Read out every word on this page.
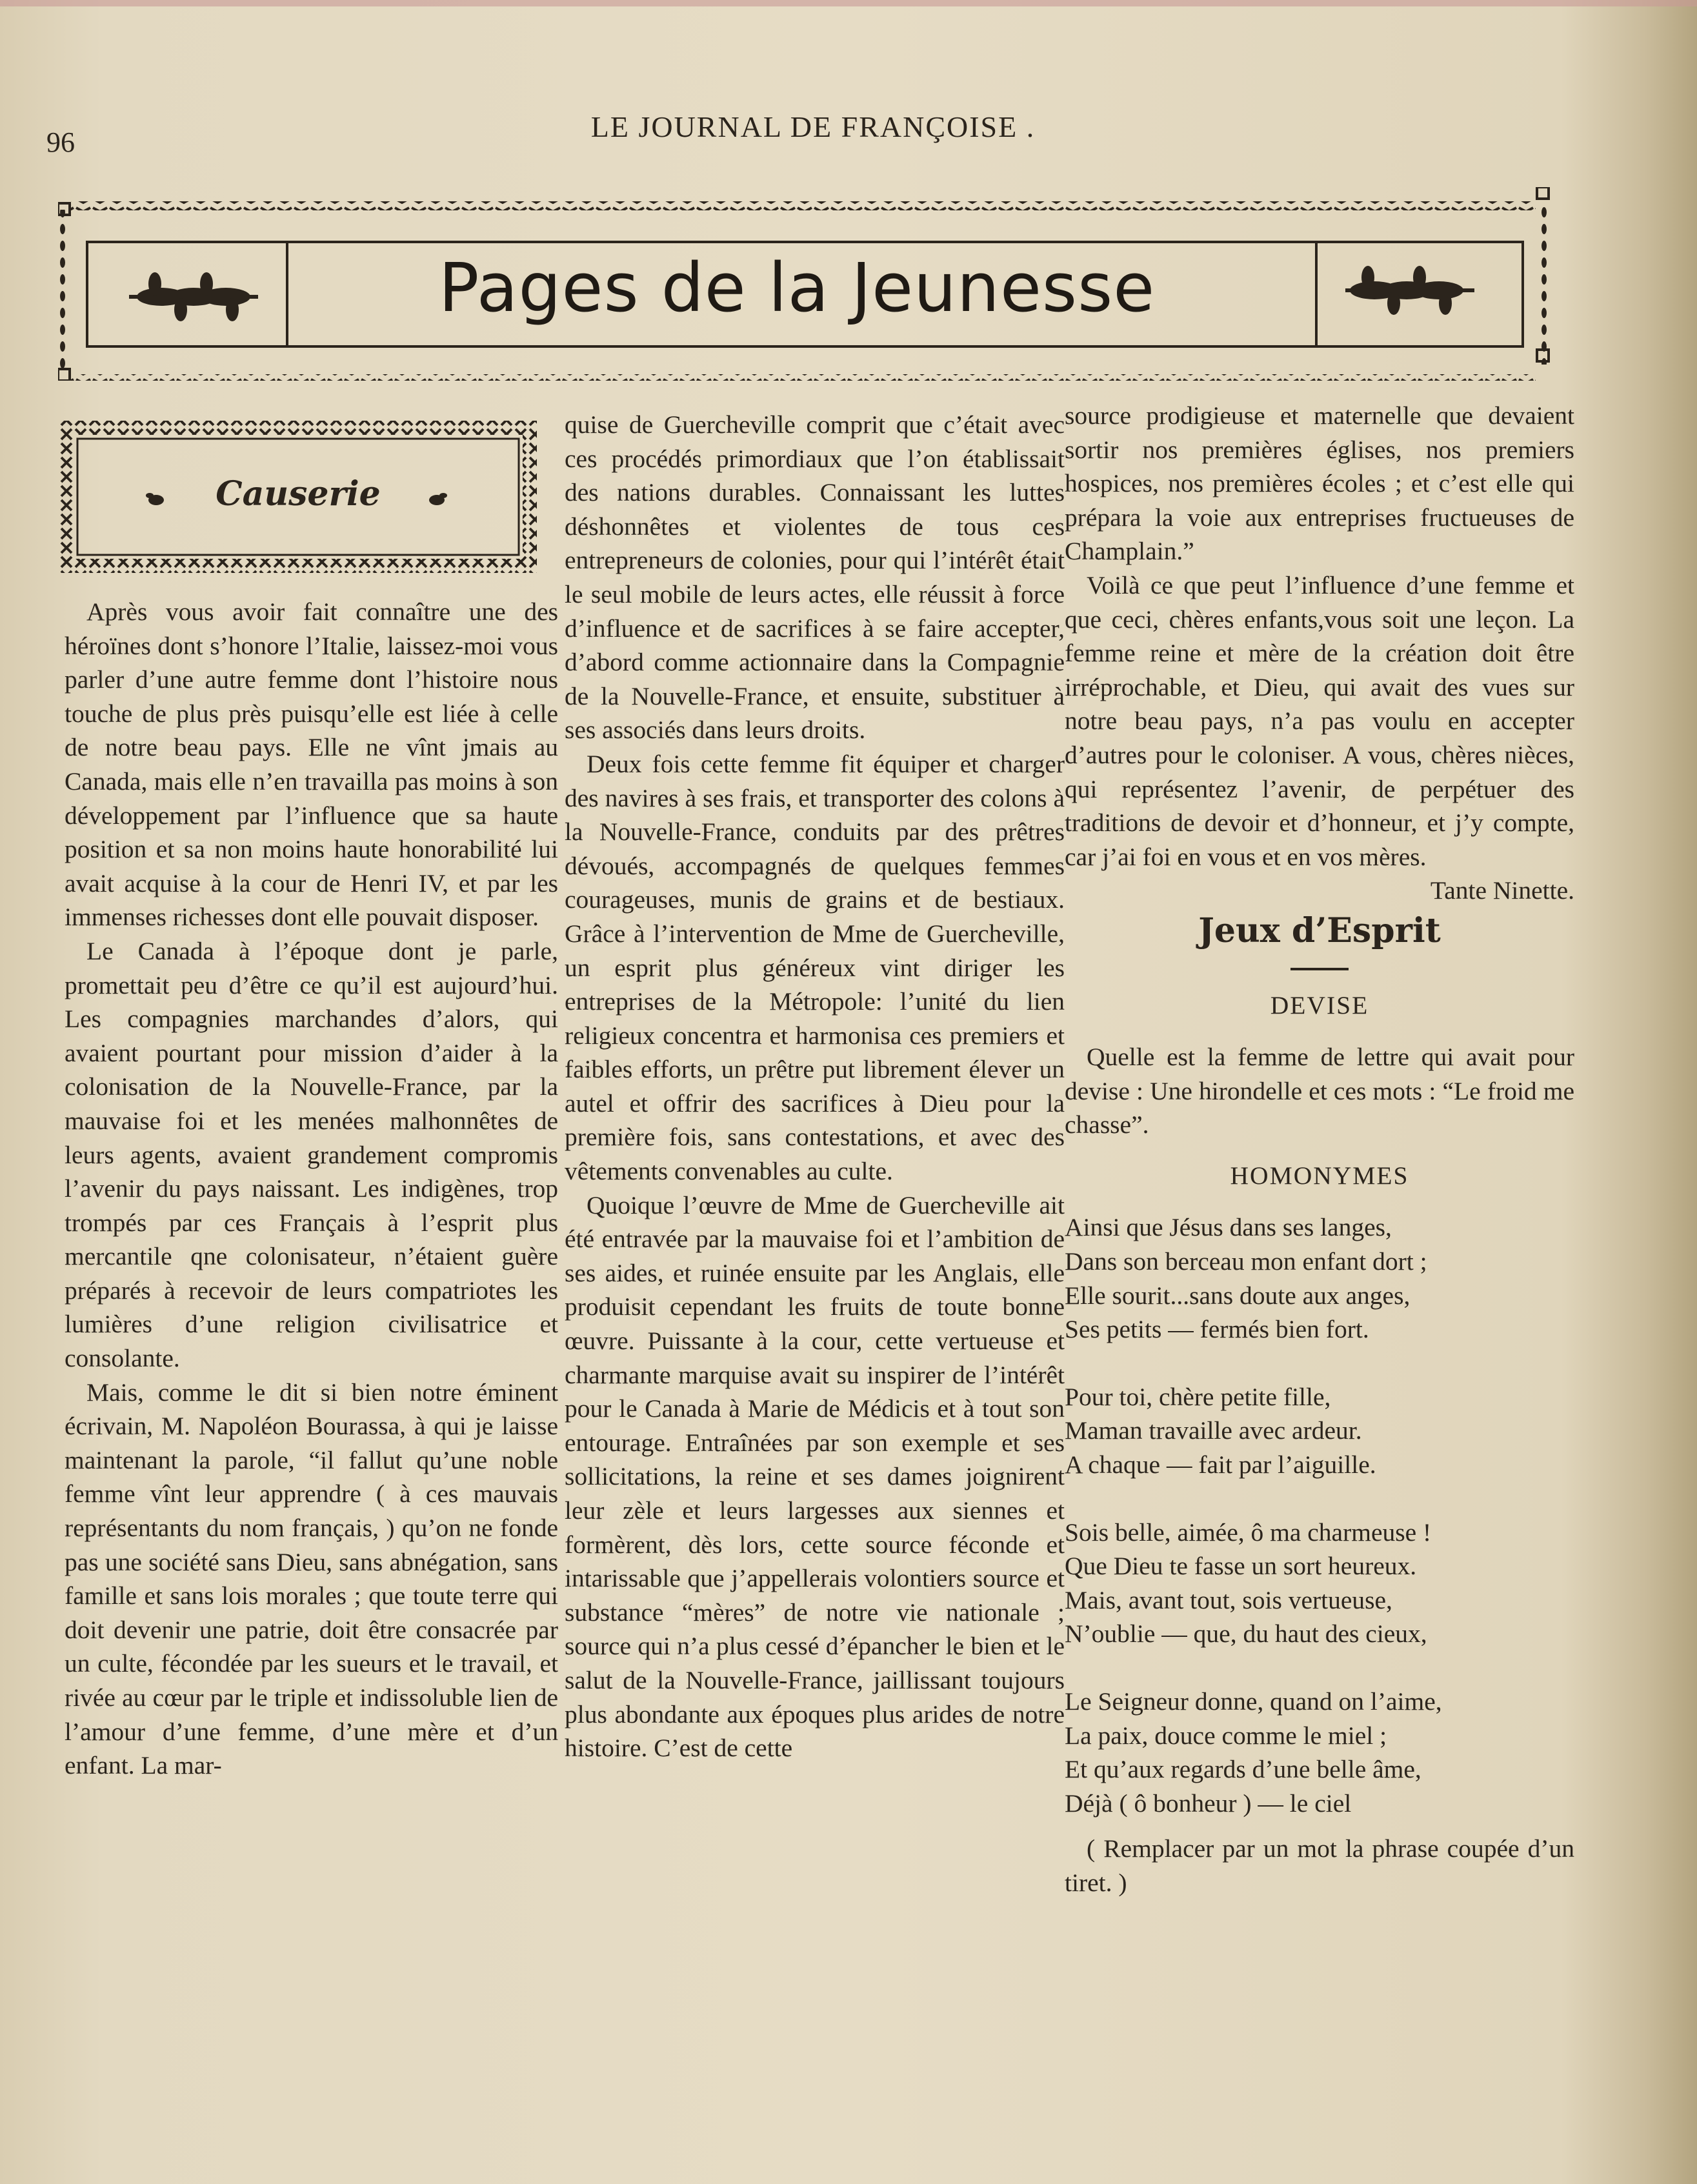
96	LE JOURNAL DE FRANÇOISE .
Pages de la Jeunesse
Causerie

Après vous avoir fait connaître une des héroïnes dont s’honore l’Italie, laissez-moi vous parler d’une autre femme dont l’histoire nous touche de plus près puisqu’elle est liée à celle de notre beau pays. Elle ne vînt jmais au Canada, mais elle n’en travailla pas moins à son développement par l’influence que sa haute position et sa non moins haute honorabilité lui avait acquise à la cour de Henri IV, et par les immenses richesses dont elle pouvait disposer.

Le Canada à l’époque dont je parle, promettait peu d’être ce qu’il est aujourd’hui. Les compagnies marchandes d’alors, qui avaient pourtant pour mission d’aider à la colonisation de la Nouvelle-France, par la mauvaise foi et les menées malhonnêtes de leurs agents, avaient grandement compromis l’avenir du pays naissant. Les indigènes, trop trompés par ces Français à l’esprit plus mercantile qne colonisateur, n’étaient guère préparés à recevoir de leurs compatriotes les lumières d’une religion civilisatrice et consolante.

Mais, comme le dit si bien notre éminent écrivain, M. Napoléon Bourassa, à qui je laisse maintenant la parole, “il fallut qu’une noble femme vînt leur apprendre ( à ces mauvais représentants du nom français, ) qu’on ne fonde pas une société sans Dieu, sans abnégation, sans famille et sans lois morales ; que toute terre qui doit devenir une patrie, doit être consacrée par un culte, fécondée par les sueurs et le travail, et rivée au cœur par le triple et indissoluble lien de l’amour d’une femme, d’une mère et d’un enfant. La mar-

quise de Guercheville comprit que c’était avec ces procédés primordiaux que l’on établissait des nations durables. Connaissant les luttes déshonnêtes et violentes de tous ces entrepreneurs de colonies, pour qui l’intérêt était le seul mobile de leurs actes, elle réussit à force d’influence et de sacrifices à se faire accepter, d’abord comme actionnaire dans la Compagnie de la Nouvelle-France, et ensuite, substituer à ses associés dans leurs droits.

Deux fois cette femme fit équiper et charger des navires à ses frais, et transporter des colons à la Nouvelle-France, conduits par des prêtres dévoués, accompagnés de quelques femmes courageuses, munis de grains et de bestiaux. Grâce à l’intervention de Mme de Guercheville, un esprit plus généreux vint diriger les entreprises de la Métropole: l’unité du lien religieux concentra et harmonisa ces premiers et faibles efforts, un prêtre put librement élever un autel et offrir des sacrifices à Dieu pour la première fois, sans contestations, et avec des vêtements convenables au culte.

Quoique l’œuvre de Mme de Guercheville ait été entravée par la mauvaise foi et l’ambition de ses aides, et ruinée ensuite par les Anglais, elle produisit cependant les fruits de toute bonne œuvre. Puissante à la cour, cette vertueuse et charmante marquise avait su inspirer de l’intérêt pour le Canada à Marie de Médicis et à tout son entourage. Entraînées par son exemple et ses sollicitations, la reine et ses dames joignirent leur zèle et leurs largesses aux siennes et formèrent, dès lors, cette source féconde et intarissable que j’appellerais volontiers source et substance “mères” de notre vie nationale ; source qui n’a plus cessé d’épancher le bien et le salut de la Nouvelle-France, jaillissant toujours plus abondante aux époques plus arides de notre histoire. C’est de cette

source prodigieuse et maternelle que devaient sortir nos premières églises, nos premiers hospices, nos premières écoles ; et c’est elle qui prépara la voie aux entreprises fructueuses de Champlain.”

Voilà ce que peut l’influence d’une femme et que ceci, chères enfants,vous soit une leçon. La femme reine et mère de la création doit être irréprochable, et Dieu, qui avait des vues sur notre beau pays, n’a pas voulu en accepter d’autres pour le coloniser. A vous, chères nièces, qui représentez l’avenir, de perpétuer des traditions de devoir et d’honneur, et j’y compte, car j’ai foi en vous et en vos mères.

Tante Ninette.

Jeux d’Esprit
DEVISE

Quelle est la femme de lettre qui avait pour devise : Une hirondelle et ces mots : “Le froid me chasse”.

HOMONYMES
Ainsi que Jésus dans ses langes,
Dans son berceau mon enfant dort ;
Elle sourit...sans doute aux anges,
Ses petits — fermés bien fort.
Pour toi, chère petite fille,
Maman travaille avec ardeur.
A chaque — fait par l’aiguille.
Sois belle, aimée, ô ma charmeuse !
Que Dieu te fasse un sort heureux.
Mais, avant tout, sois vertueuse,
N’oublie — que, du haut des cieux,
Le Seigneur donne, quand on l’aime,
La paix, douce comme le miel ;
Et qu’aux regards d’une belle âme,
Déjà ( ô bonheur ) — le ciel

( Remplacer par un mot la phrase coupée d’un tiret. )
